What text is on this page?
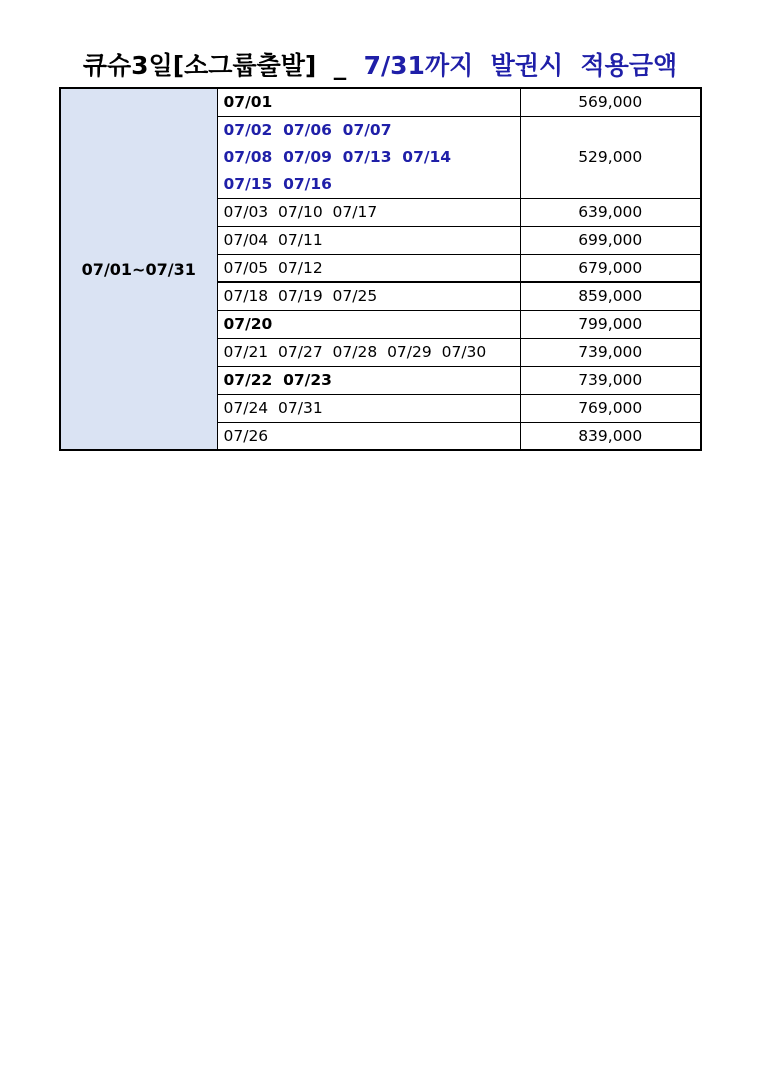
큐슈3일[소그룹출발]  _  7/31까지  발권시  적용금액
07/01~07/31	07/01	569,000

	07/02  07/06  07/07
07/08  07/09  07/13  07/14
07/15  07/16	529,000

	07/03  07/10  07/17	639,000

	07/04  07/11	699,000

	07/05  07/12	679,000

	07/18  07/19  07/25	859,000

	07/20	799,000

	07/21  07/27  07/28  07/29  07/30	739,000

	07/22  07/23	739,000

	07/24  07/31	769,000

	07/26	839,000
